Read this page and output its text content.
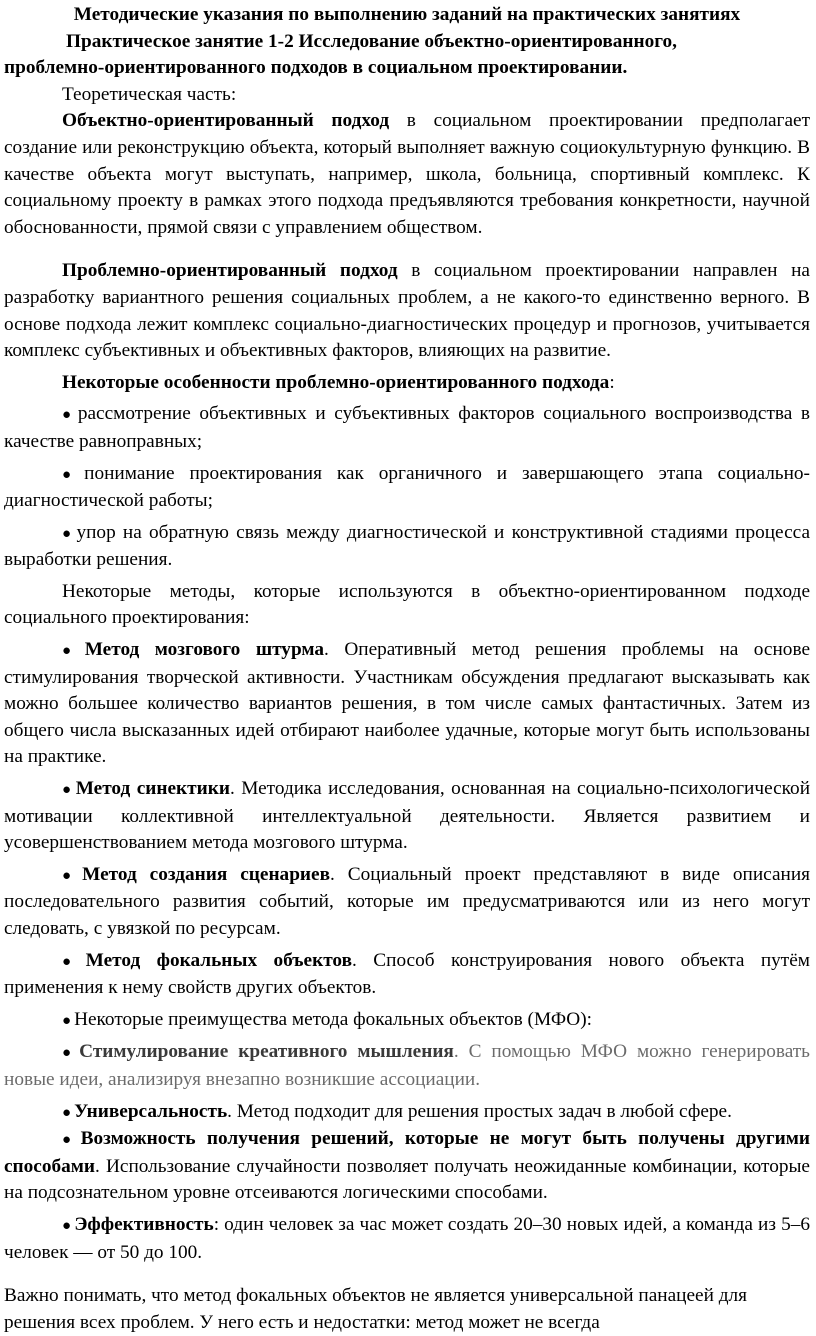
Методические указания по выполнению заданий на практических занятиях

Практическое занятие 1-2 Исследование объектно-ориентированного,

проблемно-ориентированного подходов в социальном проектировании.

Теоретическая часть:

Объектно-ориентированный подход в социальном проектировании предполагает создание или реконструкцию объекта, который выполняет важную социокультурную функцию. В качестве объекта могут выступать, например, школа, больница, спортивный комплекс. К социальному проекту в рамках этого подхода предъявляются требования конкретности, научной обоснованности, прямой связи с управлением обществом.

Проблемно-ориентированный подход в социальном проектировании направлен на разработку вариантного решения социальных проблем, а не какого-то единственно верного. В основе подхода лежит комплекс социально-диагностических процедур и прогнозов, учитывается комплекс субъективных и объективных факторов, влияющих на развитие.

Некоторые особенности проблемно-ориентированного подхода:

● рассмотрение объективных и субъективных факторов социального воспроизводства в качестве равноправных;

● понимание проектирования как органичного и завершающего этапа социально-диагностической работы;

● упор на обратную связь между диагностической и конструктивной стадиями процесса выработки решения.

Некоторые методы, которые используются в объектно-ориентированном подходе социального проектирования:

● Метод мозгового штурма. Оперативный метод решения проблемы на основе стимулирования творческой активности. Участникам обсуждения предлагают высказывать как можно большее количество вариантов решения, в том числе самых фантастичных. Затем из общего числа высказанных идей отбирают наиболее удачные, которые могут быть использованы на практике.

● Метод синектики. Методика исследования, основанная на социально-психологической мотивации коллективной интеллектуальной деятельности. Является развитием и усовершенствованием метода мозгового штурма.

● Метод создания сценариев. Социальный проект представляют в виде описания последовательного развития событий, которые им предусматриваются или из него могут следовать, с увязкой по ресурсам.

● Метод фокальных объектов. Способ конструирования нового объекта путём применения к нему свойств других объектов.

● Некоторые преимущества метода фокальных объектов (МФО):

● Стимулирование креативного мышления. С помощью МФО можно генерировать новые идеи, анализируя внезапно возникшие ассоциации.

● Универсальность. Метод подходит для решения простых задач в любой сфере.

● Возможность получения решений, которые не могут быть получены другими способами. Использование случайности позволяет получать неожиданные комбинации, которые на подсознательном уровне отсеиваются логическими способами.

● Эффективность: один человек за час может создать 20–30 новых идей, а команда из 5–6 человек — от 50 до 100.

Важно понимать, что метод фокальных объектов не является универсальной панацеей для решения всех проблем. У него есть и недостатки: метод может не всегда
